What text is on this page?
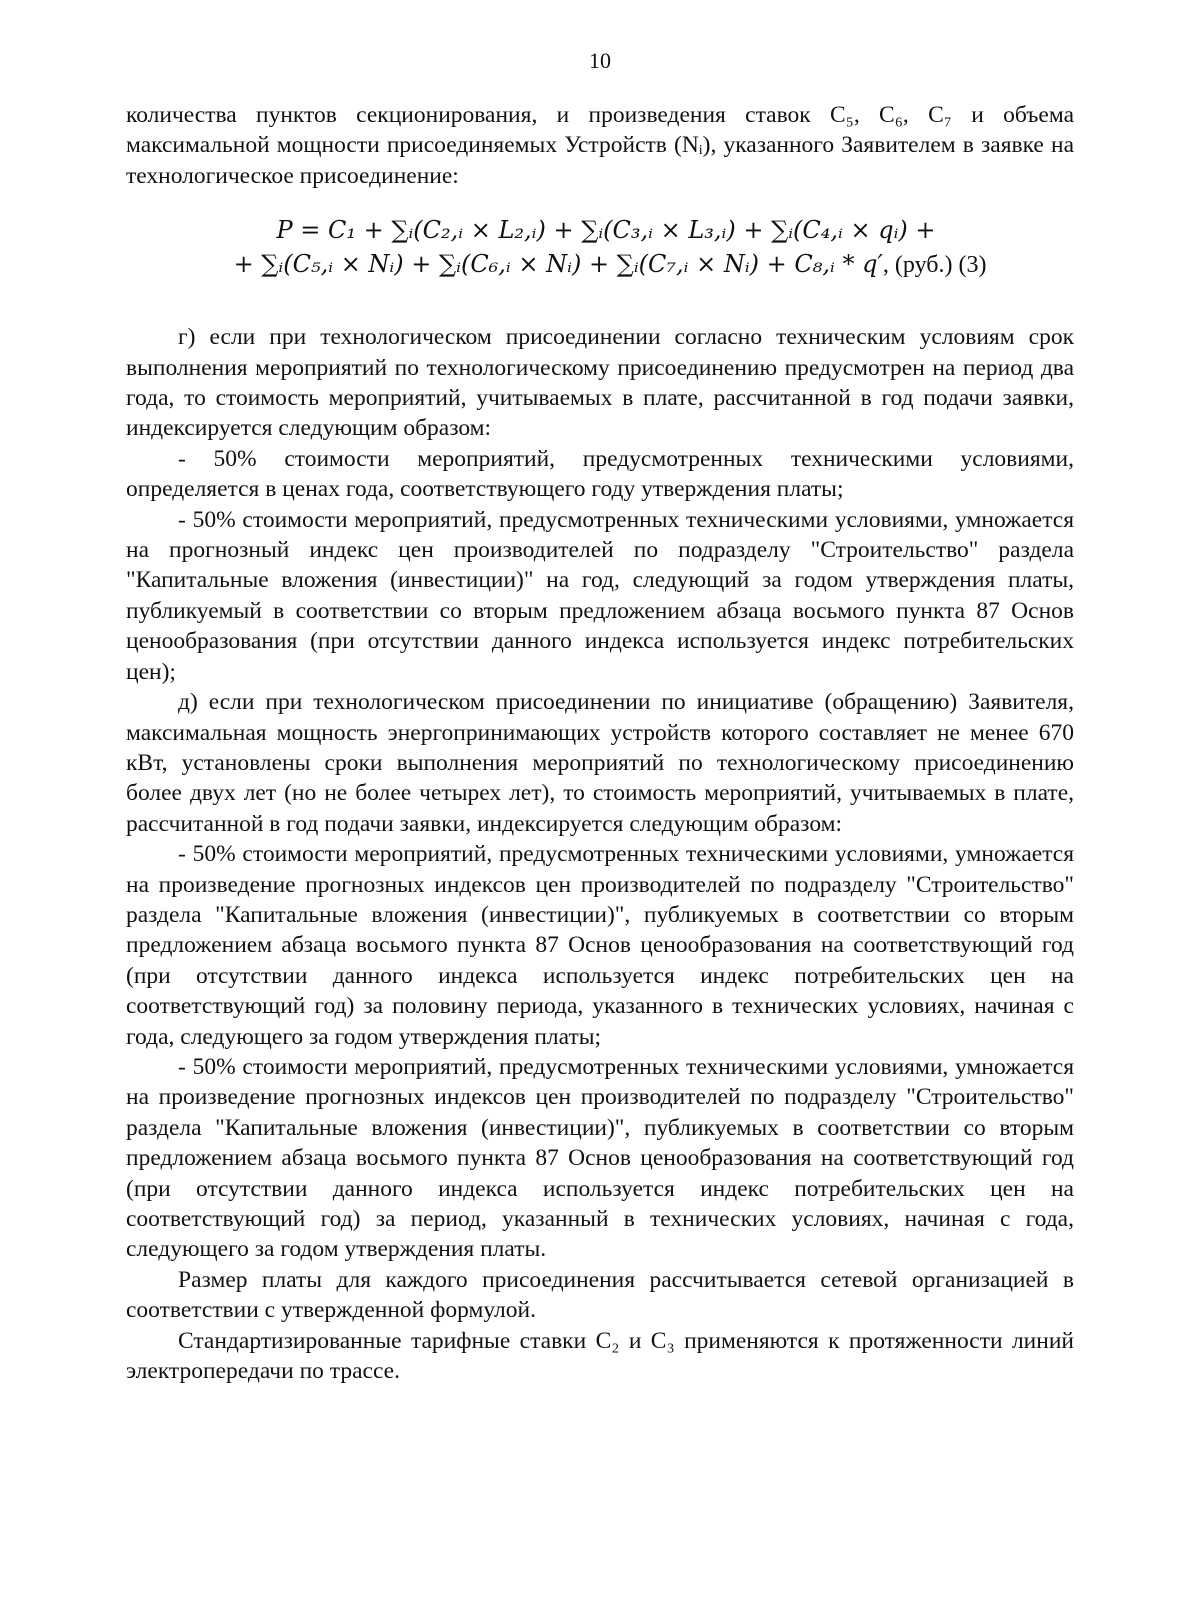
10

количества пунктов секционирования, и произведения ставок C₅, C₆, C₇ и объема максимальной мощности присоединяемых Устройств (Nᵢ), указанного Заявителем в заявке на технологическое присоединение:

P = C₁ + ∑ᵢ(C₂,ᵢ × L₂,ᵢ) + ∑ᵢ(C₃,ᵢ × L₃,ᵢ) + ∑ᵢ(C₄,ᵢ × qᵢ) +
+ ∑ᵢ(C₅,ᵢ × Nᵢ) + ∑ᵢ(C₆,ᵢ × Nᵢ) + ∑ᵢ(C₇,ᵢ × Nᵢ) + C₈,ᵢ * q′, (руб.) (3)

г) если при технологическом присоединении согласно техническим условиям срок выполнения мероприятий по технологическому присоединению предусмотрен на период два года, то стоимость мероприятий, учитываемых в плате, рассчитанной в год подачи заявки, индексируется следующим образом:

- 50% стоимости мероприятий, предусмотренных техническими условиями, определяется в ценах года, соответствующего году утверждения платы;

- 50% стоимости мероприятий, предусмотренных техническими условиями, умножается на прогнозный индекс цен производителей по подразделу "Строительство" раздела "Капитальные вложения (инвестиции)" на год, следующий за годом утверждения платы, публикуемый в соответствии со вторым предложением абзаца восьмого пункта 87 Основ ценообразования (при отсутствии данного индекса используется индекс потребительских цен);

д) если при технологическом присоединении по инициативе (обращению) Заявителя, максимальная мощность энергопринимающих устройств которого составляет не менее 670 кВт, установлены сроки выполнения мероприятий по технологическому присоединению более двух лет (но не более четырех лет), то стоимость мероприятий, учитываемых в плате, рассчитанной в год подачи заявки, индексируется следующим образом:

- 50% стоимости мероприятий, предусмотренных техническими условиями, умножается на произведение прогнозных индексов цен производителей по подразделу "Строительство" раздела "Капитальные вложения (инвестиции)", публикуемых в соответствии со вторым предложением абзаца восьмого пункта 87 Основ ценообразования на соответствующий год (при отсутствии данного индекса используется индекс потребительских цен на соответствующий год) за половину периода, указанного в технических условиях, начиная с года, следующего за годом утверждения платы;

- 50% стоимости мероприятий, предусмотренных техническими условиями, умножается на произведение прогнозных индексов цен производителей по подразделу "Строительство" раздела "Капитальные вложения (инвестиции)", публикуемых в соответствии со вторым предложением абзаца восьмого пункта 87 Основ ценообразования на соответствующий год (при отсутствии данного индекса используется индекс потребительских цен на соответствующий год) за период, указанный в технических условиях, начиная с года, следующего за годом утверждения платы.

Размер платы для каждого присоединения рассчитывается сетевой организацией в соответствии с утвержденной формулой.

Стандартизированные тарифные ставки C₂ и C₃ применяются к протяженности линий электропередачи по трассе.
